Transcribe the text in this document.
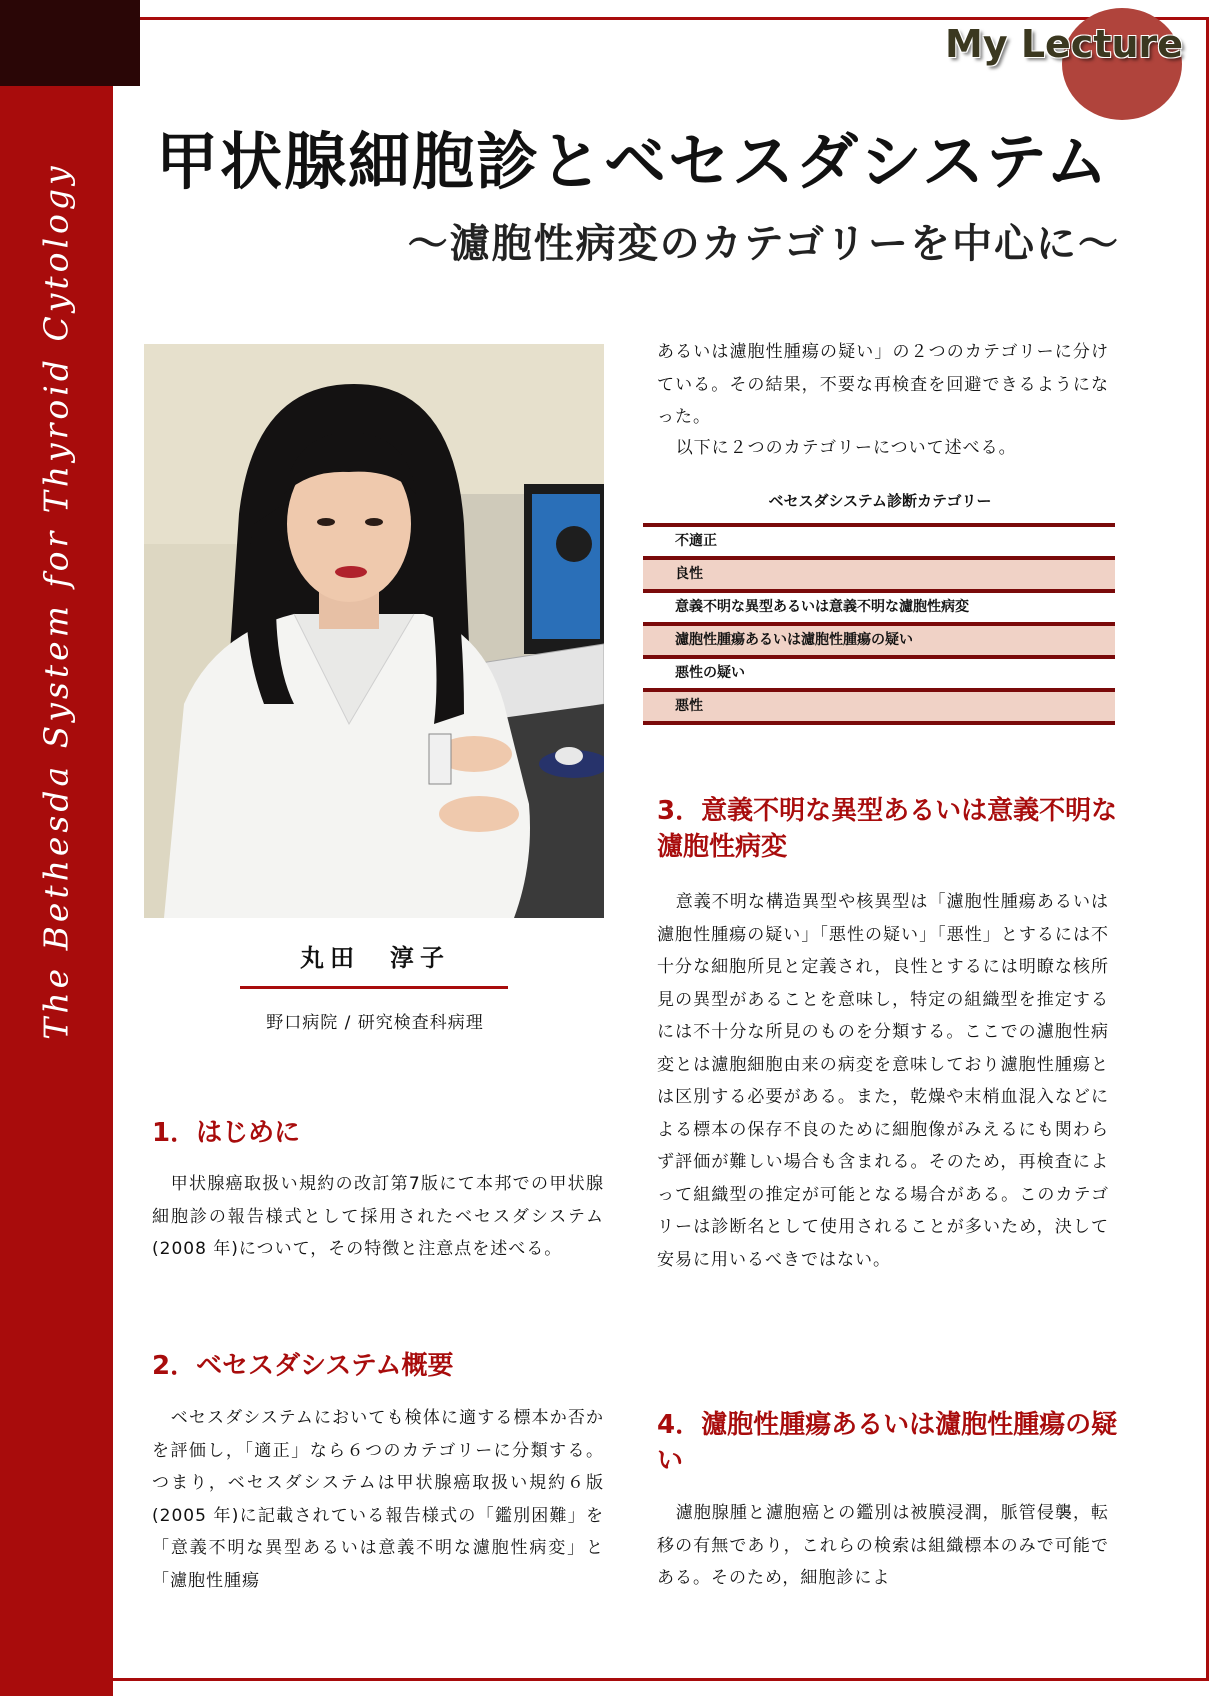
The Bethesda System for Thyroid Cytology
My Lecture
甲状腺細胞診とベセスダシステム
〜濾胞性病変のカテゴリーを中心に〜
丸田　淳子
野口病院 / 研究検査科病理
1．はじめに
甲状腺癌取扱い規約の改訂第7版にて本邦での甲状腺細胞診の報告様式として採用されたベセスダシステム(2008 年)について，その特徴と注意点を述べる。
2．ベセスダシステム概要
ベセスダシステムにおいても検体に適する標本か否かを評価し，「適正」なら６つのカテゴリーに分類する。つまり，ベセスダシステムは甲状腺癌取扱い規約６版(2005 年)に記載されている報告様式の「鑑別困難」を「意義不明な異型あるいは意義不明な濾胞性病変」と「濾胞性腫瘍
あるいは濾胞性腫瘍の疑い」の２つのカテゴリーに分けている。その結果，不要な再検査を回避できるようになった。
以下に２つのカテゴリーについて述べる。
ベセスダシステム診断カテゴリー
不適正
良性
意義不明な異型あるいは意義不明な濾胞性病変
濾胞性腫瘍あるいは濾胞性腫瘍の疑い
悪性の疑い
悪性
3．意義不明な異型あるいは意義不明な濾胞性病変
意義不明な構造異型や核異型は「濾胞性腫瘍あるいは濾胞性腫瘍の疑い」「悪性の疑い」「悪性」とするには不十分な細胞所見と定義され，良性とするには明瞭な核所見の異型があることを意味し，特定の組織型を推定するには不十分な所見のものを分類する。ここでの濾胞性病変とは濾胞細胞由来の病変を意味しており濾胞性腫瘍とは区別する必要がある。また，乾燥や末梢血混入などによる標本の保存不良のために細胞像がみえるにも関わらず評価が難しい場合も含まれる。そのため，再検査によって組織型の推定が可能となる場合がある。このカテゴリーは診断名として使用されることが多いため，決して安易に用いるべきではない。
4．濾胞性腫瘍あるいは濾胞性腫瘍の疑い
濾胞腺腫と濾胞癌との鑑別は被膜浸潤，脈管侵襲，転移の有無であり，これらの検索は組織標本のみで可能である。そのため，細胞診によ
